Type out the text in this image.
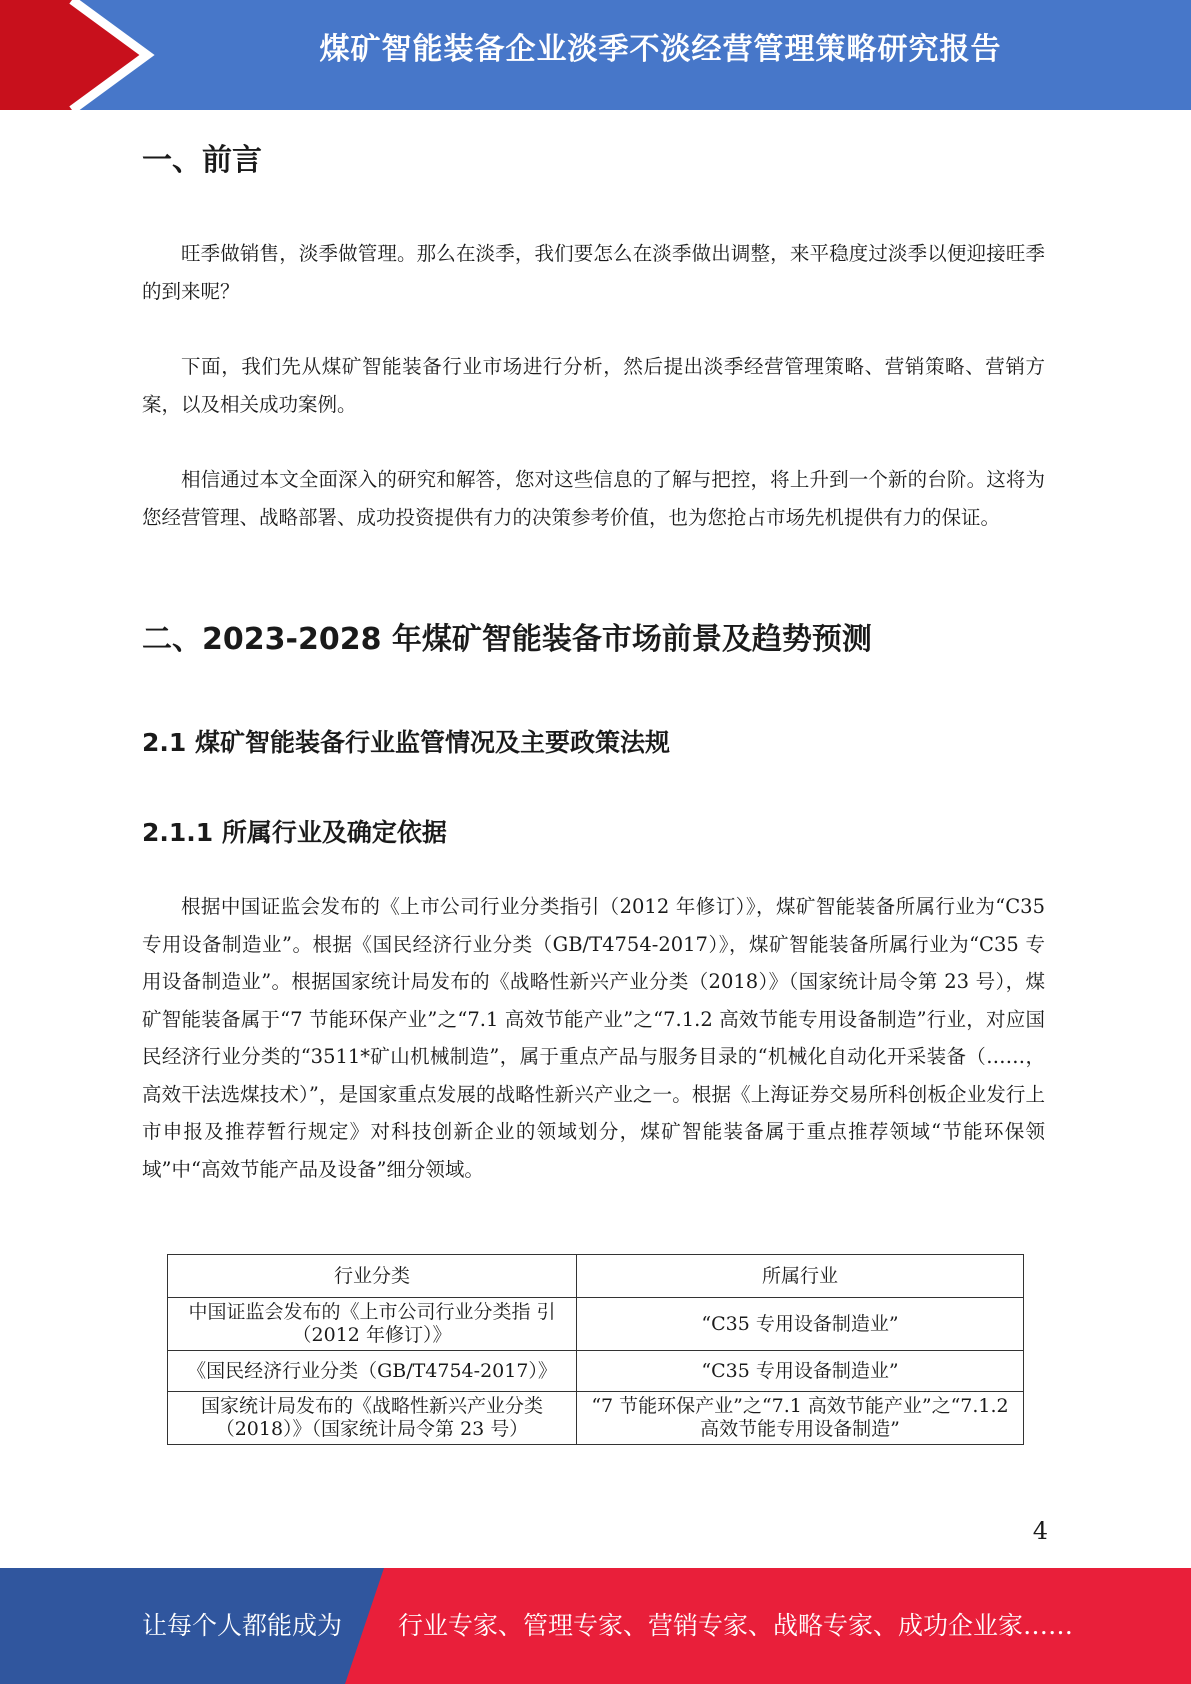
煤矿智能装备企业淡季不淡经营管理策略研究报告
一、前言

旺季做销售，淡季做管理。那么在淡季，我们要怎么在淡季做出调整，来平稳度过淡季以便迎接旺季的到来呢？

下面，我们先从煤矿智能装备行业市场进行分析，然后提出淡季经营管理策略、营销策略、营销方案，以及相关成功案例。

相信通过本文全面深入的研究和解答，您对这些信息的了解与把控，将上升到一个新的台阶。这将为您经营管理、战略部署、成功投资提供有力的决策参考价值，也为您抢占市场先机提供有力的保证。

二、2023-2028 年煤矿智能装备市场前景及趋势预测
2.1 煤矿智能装备行业监管情况及主要政策法规
2.1.1 所属行业及确定依据

根据中国证监会发布的《上市公司行业分类指引（2012 年修订）》，煤矿智能装备所属行业为“C35 专用设备制造业”。根据《国民经济行业分类（GB/T4754-2017）》，煤矿智能装备所属行业为“C35 专用设备制造业”。根据国家统计局发布的《战略性新兴产业分类（2018）》（国家统计局令第 23 号），煤矿智能装备属于“7 节能环保产业”之“7.1 高效节能产业”之“7.1.2 高效节能专用设备制造”行业，对应国民经济行业分类的“3511*矿山机械制造”，属于重点产品与服务目录的“机械化自动化开采装备（……，高效干法选煤技术）”，是国家重点发展的战略性新兴产业之一。根据《上海证券交易所科创板企业发行上市申报及推荐暂行规定》对科技创新企业的领域划分，煤矿智能装备属于重点推荐领域“节能环保领域”中“高效节能产品及设备”细分领域。

行业分类	所属行业
中国证监会发布的《上市公司行业分类指 引（2012 年修订）》	“C35 专用设备制造业”
《国民经济行业分类（GB/T4754-2017）》	“C35 专用设备制造业”
国家统计局发布的《战略性新兴产业分类（2018）》（国家统计局令第 23 号）	“7 节能环保产业”之“7.1 高效节能产业”之“7.1.2 高效节能专用设备制造”
4
让每个人都能成为 行业专家、管理专家、营销专家、战略专家、成功企业家……
